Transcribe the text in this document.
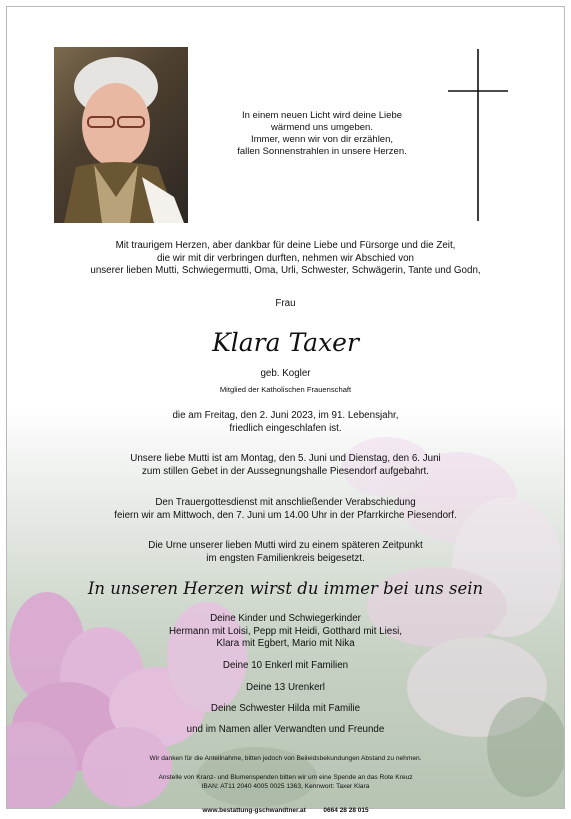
In einem neuen Licht wird deine Liebe

wärmend uns umgeben.

Immer, wenn wir von dir erzählen,

fallen Sonnenstrahlen in unsere Herzen.

Mit traurigem Herzen, aber dankbar für deine Liebe und Fürsorge und die Zeit,

die wir mit dir verbringen durften, nehmen wir Abschied von

unserer lieben Mutti, Schwiegermutti, Oma, Urli, Schwester, Schwägerin, Tante und Godn,

Frau
Klara Taxer
geb. Kogler
Mitglied der Katholischen Frauenschaft

die am Freitag, den 2. Juni 2023, im 91. Lebensjahr,

friedlich eingeschlafen ist.

Unsere liebe Mutti ist am Montag, den 5. Juni und Dienstag, den 6. Juni

zum stillen Gebet in der Aussegnungshalle Piesendorf aufgebahrt.

Den Trauergottesdienst mit anschließender Verabschiedung

feiern wir am Mittwoch, den 7. Juni um 14.00 Uhr in der Pfarrkirche Piesendorf.

Die Urne unserer lieben Mutti wird zu einem späteren Zeitpunkt

im engsten Familienkreis beigesetzt.

In unseren Herzen wirst du immer bei uns sein

Deine Kinder und Schwiegerkinder

Hermann mit Loisi, Pepp mit Heidi, Gotthard mit Liesi,

Klara mit Egbert, Mario mit Nika

Deine 10 Enkerl mit Familien
Deine 13 Urenkerl
Deine Schwester Hilda mit Familie
und im Namen aller Verwandten und Freunde
Wir danken für die Anteilnahme, bitten jedoch von Beileidsbekundungen Abstand zu nehmen.

Anstelle von Kranz- und Blumenspenden bitten wir um eine Spende an das Rote Kreuz

IBAN: AT11 2040 4005 0025 1363, Kennwort: Taxer Klara

www.bestattung-gschwandtner.at	0664 28 28 015
